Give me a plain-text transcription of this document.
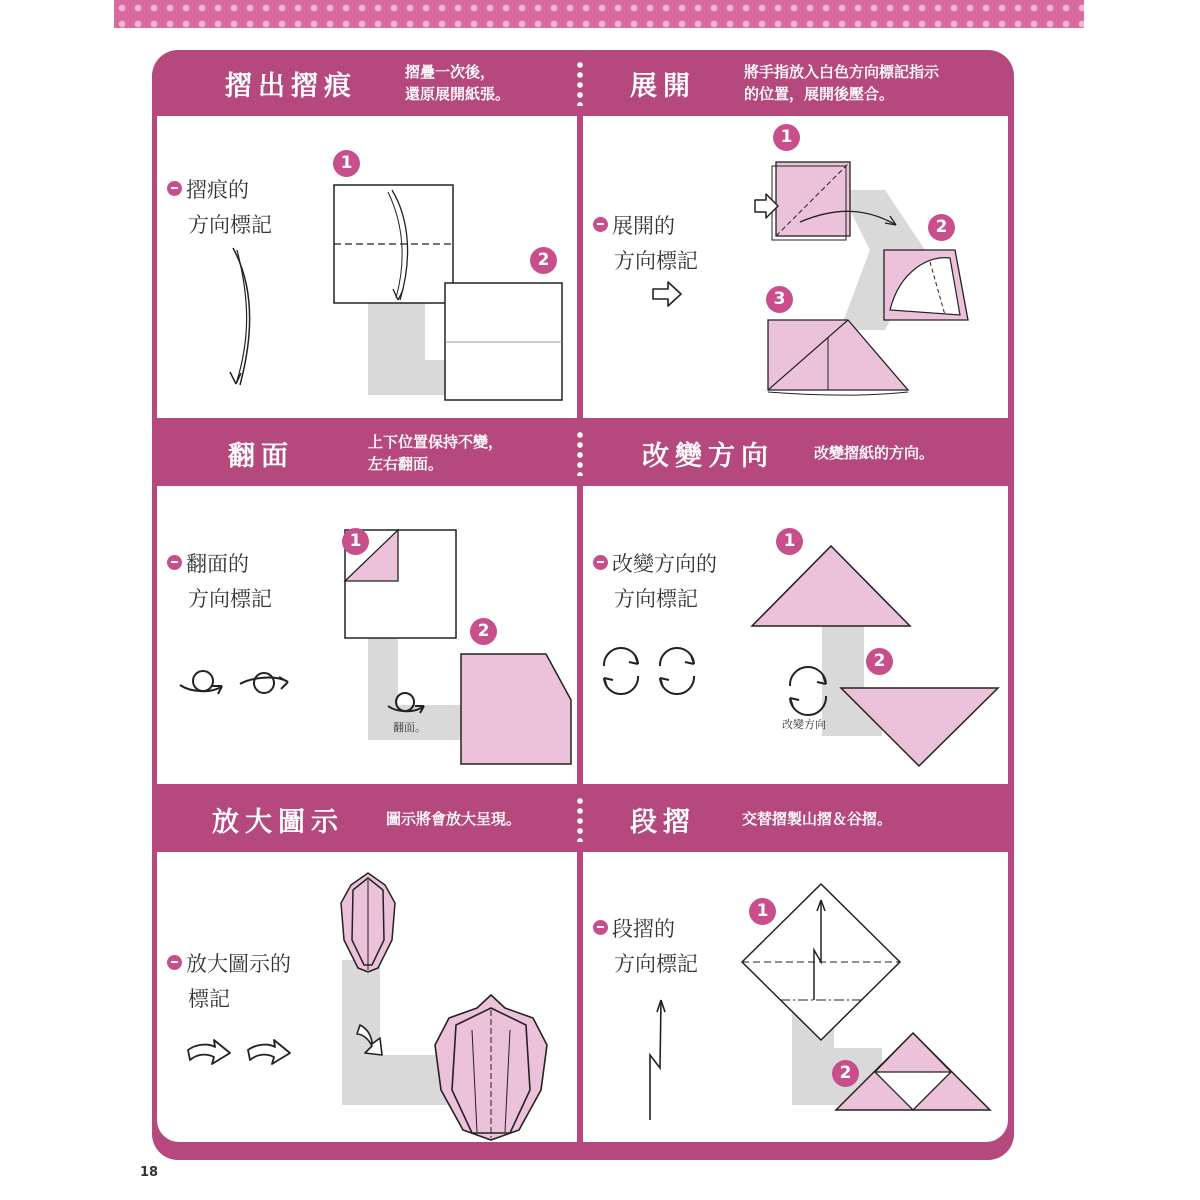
摺出摺痕	摺疊一次後，
還原展開紙張。	展開	將手指放入白色方向標記指示
的位置，展開後壓合。
翻面	上下位置保持不變，
左右翻面。	改變方向	改變摺紙的方向。
放大圖示	圖示將會放大呈現。	段摺	交替摺製山摺＆谷摺。
摺痕的
方向標記
1
2
展開的
方向標記
1
2
3
翻面的
方向標記
翻面。
1
2
改變方向的
方向標記
改變方向
1
2
放大圖示的
標記
段摺的
方向標記
1
2
18
